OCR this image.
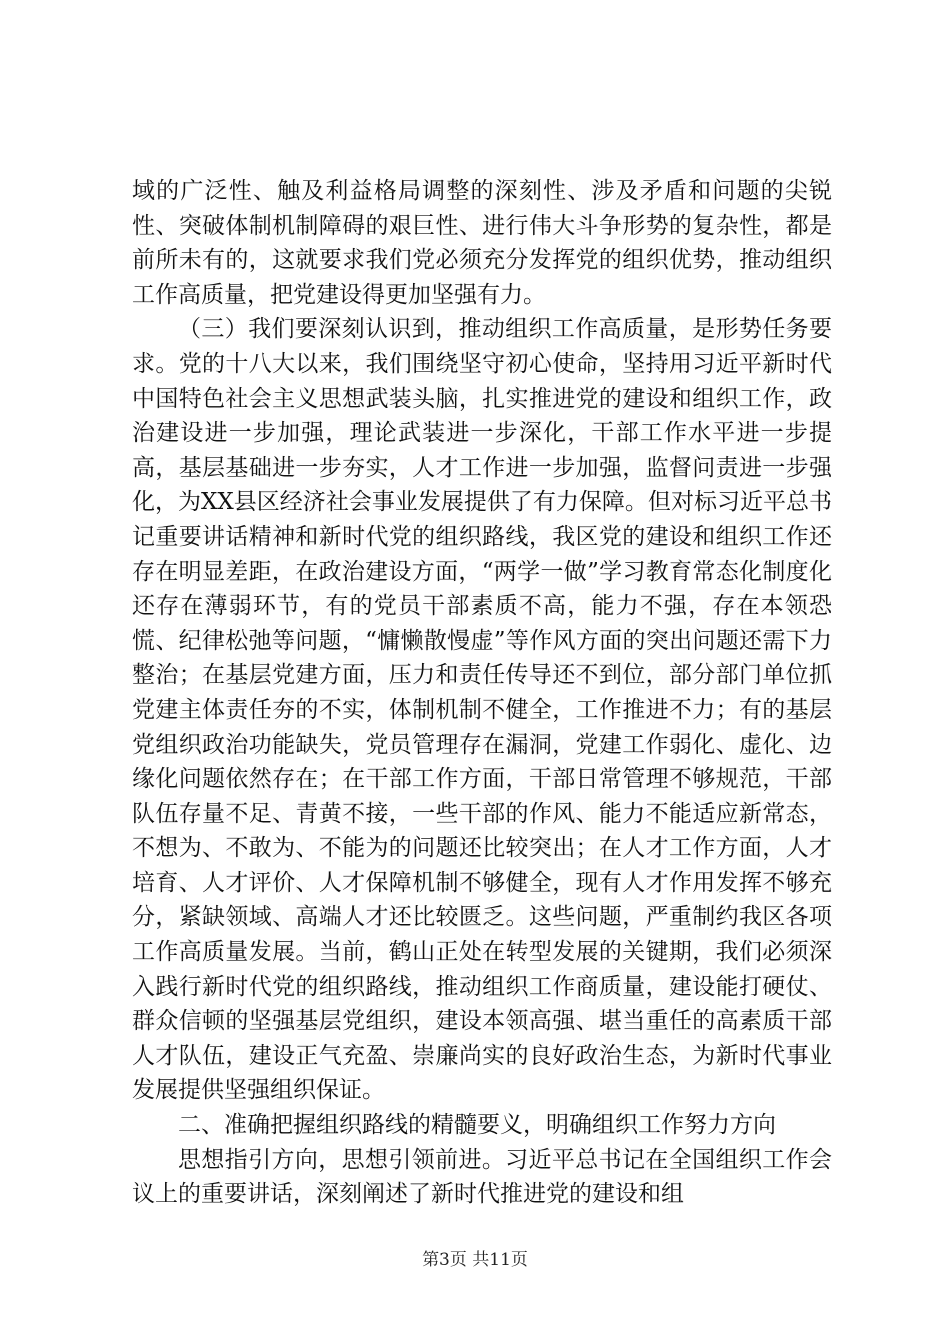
域的广泛性、触及利益格局调整的深刻性、涉及矛盾和问题的尖锐性、突破体制机制障碍的艰巨性、进行伟大斗争形势的复杂性，都是前所未有的，这就要求我们党必须充分发挥党的组织优势，推动组织工作高质量，把党建设得更加坚强有力。

（三）我们要深刻认识到，推动组织工作高质量，是形势任务要求。党的十八大以来，我们围绕坚守初心使命，坚持用习近平新时代中国特色社会主义思想武装头脑，扎实推进党的建设和组织工作，政治建设进一步加强，理论武装进一步深化，干部工作水平进一步提高，基层基础进一步夯实，人才工作进一步加强，监督问责进一步强化，为XX县区经济社会事业发展提供了有力保障。但对标习近平总书记重要讲话精神和新时代党的组织路线，我区党的建设和组织工作还存在明显差距，在政治建设方面，“两学一做”学习教育常态化制度化还存在薄弱环节，有的党员干部素质不高，能力不强，存在本领恐慌、纪律松弛等问题，“慵懒散慢虚”等作风方面的突出问题还需下力整治；在基层党建方面，压力和责任传导还不到位，部分部门单位抓党建主体责任夯的不实，体制机制不健全，工作推进不力；有的基层党组织政治功能缺失，党员管理存在漏洞，党建工作弱化、虚化、边缘化问题依然存在；在干部工作方面，干部日常管理不够规范，干部队伍存量不足、青黄不接，一些干部的作风、能力不能适应新常态，不想为、不敢为、不能为的问题还比较突出；在人才工作方面，人才培育、人才评价、人才保障机制不够健全，现有人才作用发挥不够充分，紧缺领域、高端人才还比较匮乏。这些问题，严重制约我区各项工作高质量发展。当前，鹤山正处在转型发展的关键期，我们必须深入践行新时代党的组织路线，推动组织工作商质量，建设能打硬仗、群众信顿的坚强基层党组织，建设本领高强、堪当重任的高素质干部人才队伍，建设正气充盈、崇廉尚实的良好政治生态，为新时代事业发展提供坚强组织保证。

二、准确把握组织路线的精髓要义，明确组织工作努力方向

思想指引方向，思想引领前进。习近平总书记在全国组织工作会议上的重要讲话，深刻阐述了新时代推进党的建设和组

第3页 共11页
